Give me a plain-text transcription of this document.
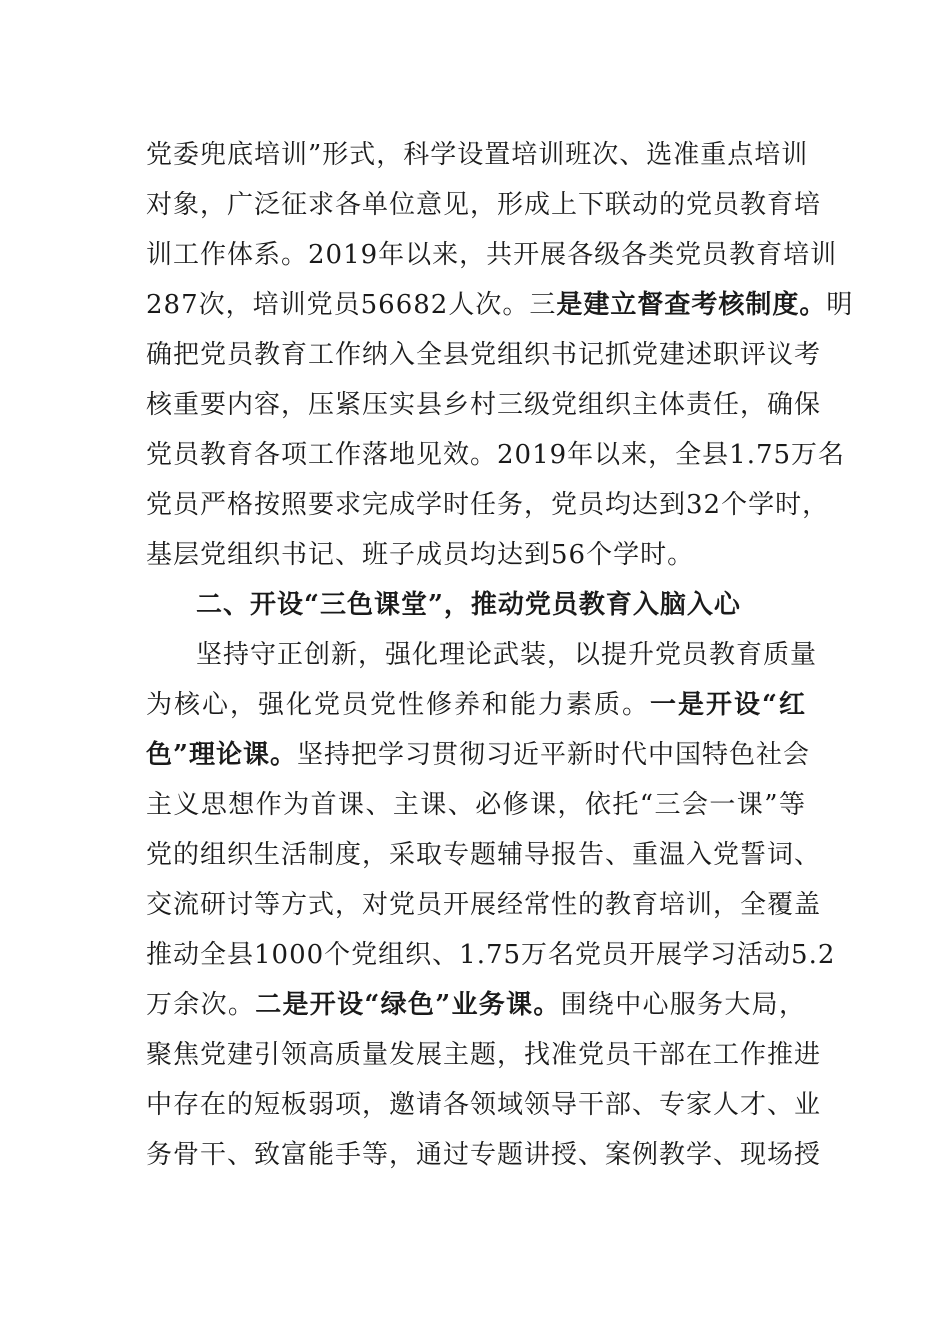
党委兜底培训”形式，科学设置培训班次、选准重点培训
对象，广泛征求各单位意见，形成上下联动的党员教育培
训工作体系。2019年以来，共开展各级各类党员教育培训
287次，培训党员56682人次。三是建立督查考核制度。明
确把党员教育工作纳入全县党组织书记抓党建述职评议考
核重要内容，压紧压实县乡村三级党组织主体责任，确保
党员教育各项工作落地见效。2019年以来，全县1.75万名
党员严格按照要求完成学时任务，党员均达到32个学时，
基层党组织书记、班子成员均达到56个学时。
二、开设“三色课堂”，推动党员教育入脑入心
坚持守正创新，强化理论武装，以提升党员教育质量
为核心，强化党员党性修养和能力素质。一是开设“红
色”理论课。坚持把学习贯彻习近平新时代中国特色社会
主义思想作为首课、主课、必修课，依托“三会一课”等
党的组织生活制度，采取专题辅导报告、重温入党誓词、
交流研讨等方式，对党员开展经常性的教育培训，全覆盖
推动全县1000个党组织、1.75万名党员开展学习活动5.2
万余次。二是开设“绿色”业务课。围绕中心服务大局，
聚焦党建引领高质量发展主题，找准党员干部在工作推进
中存在的短板弱项，邀请各领域领导干部、专家人才、业
务骨干、致富能手等，通过专题讲授、案例教学、现场授
